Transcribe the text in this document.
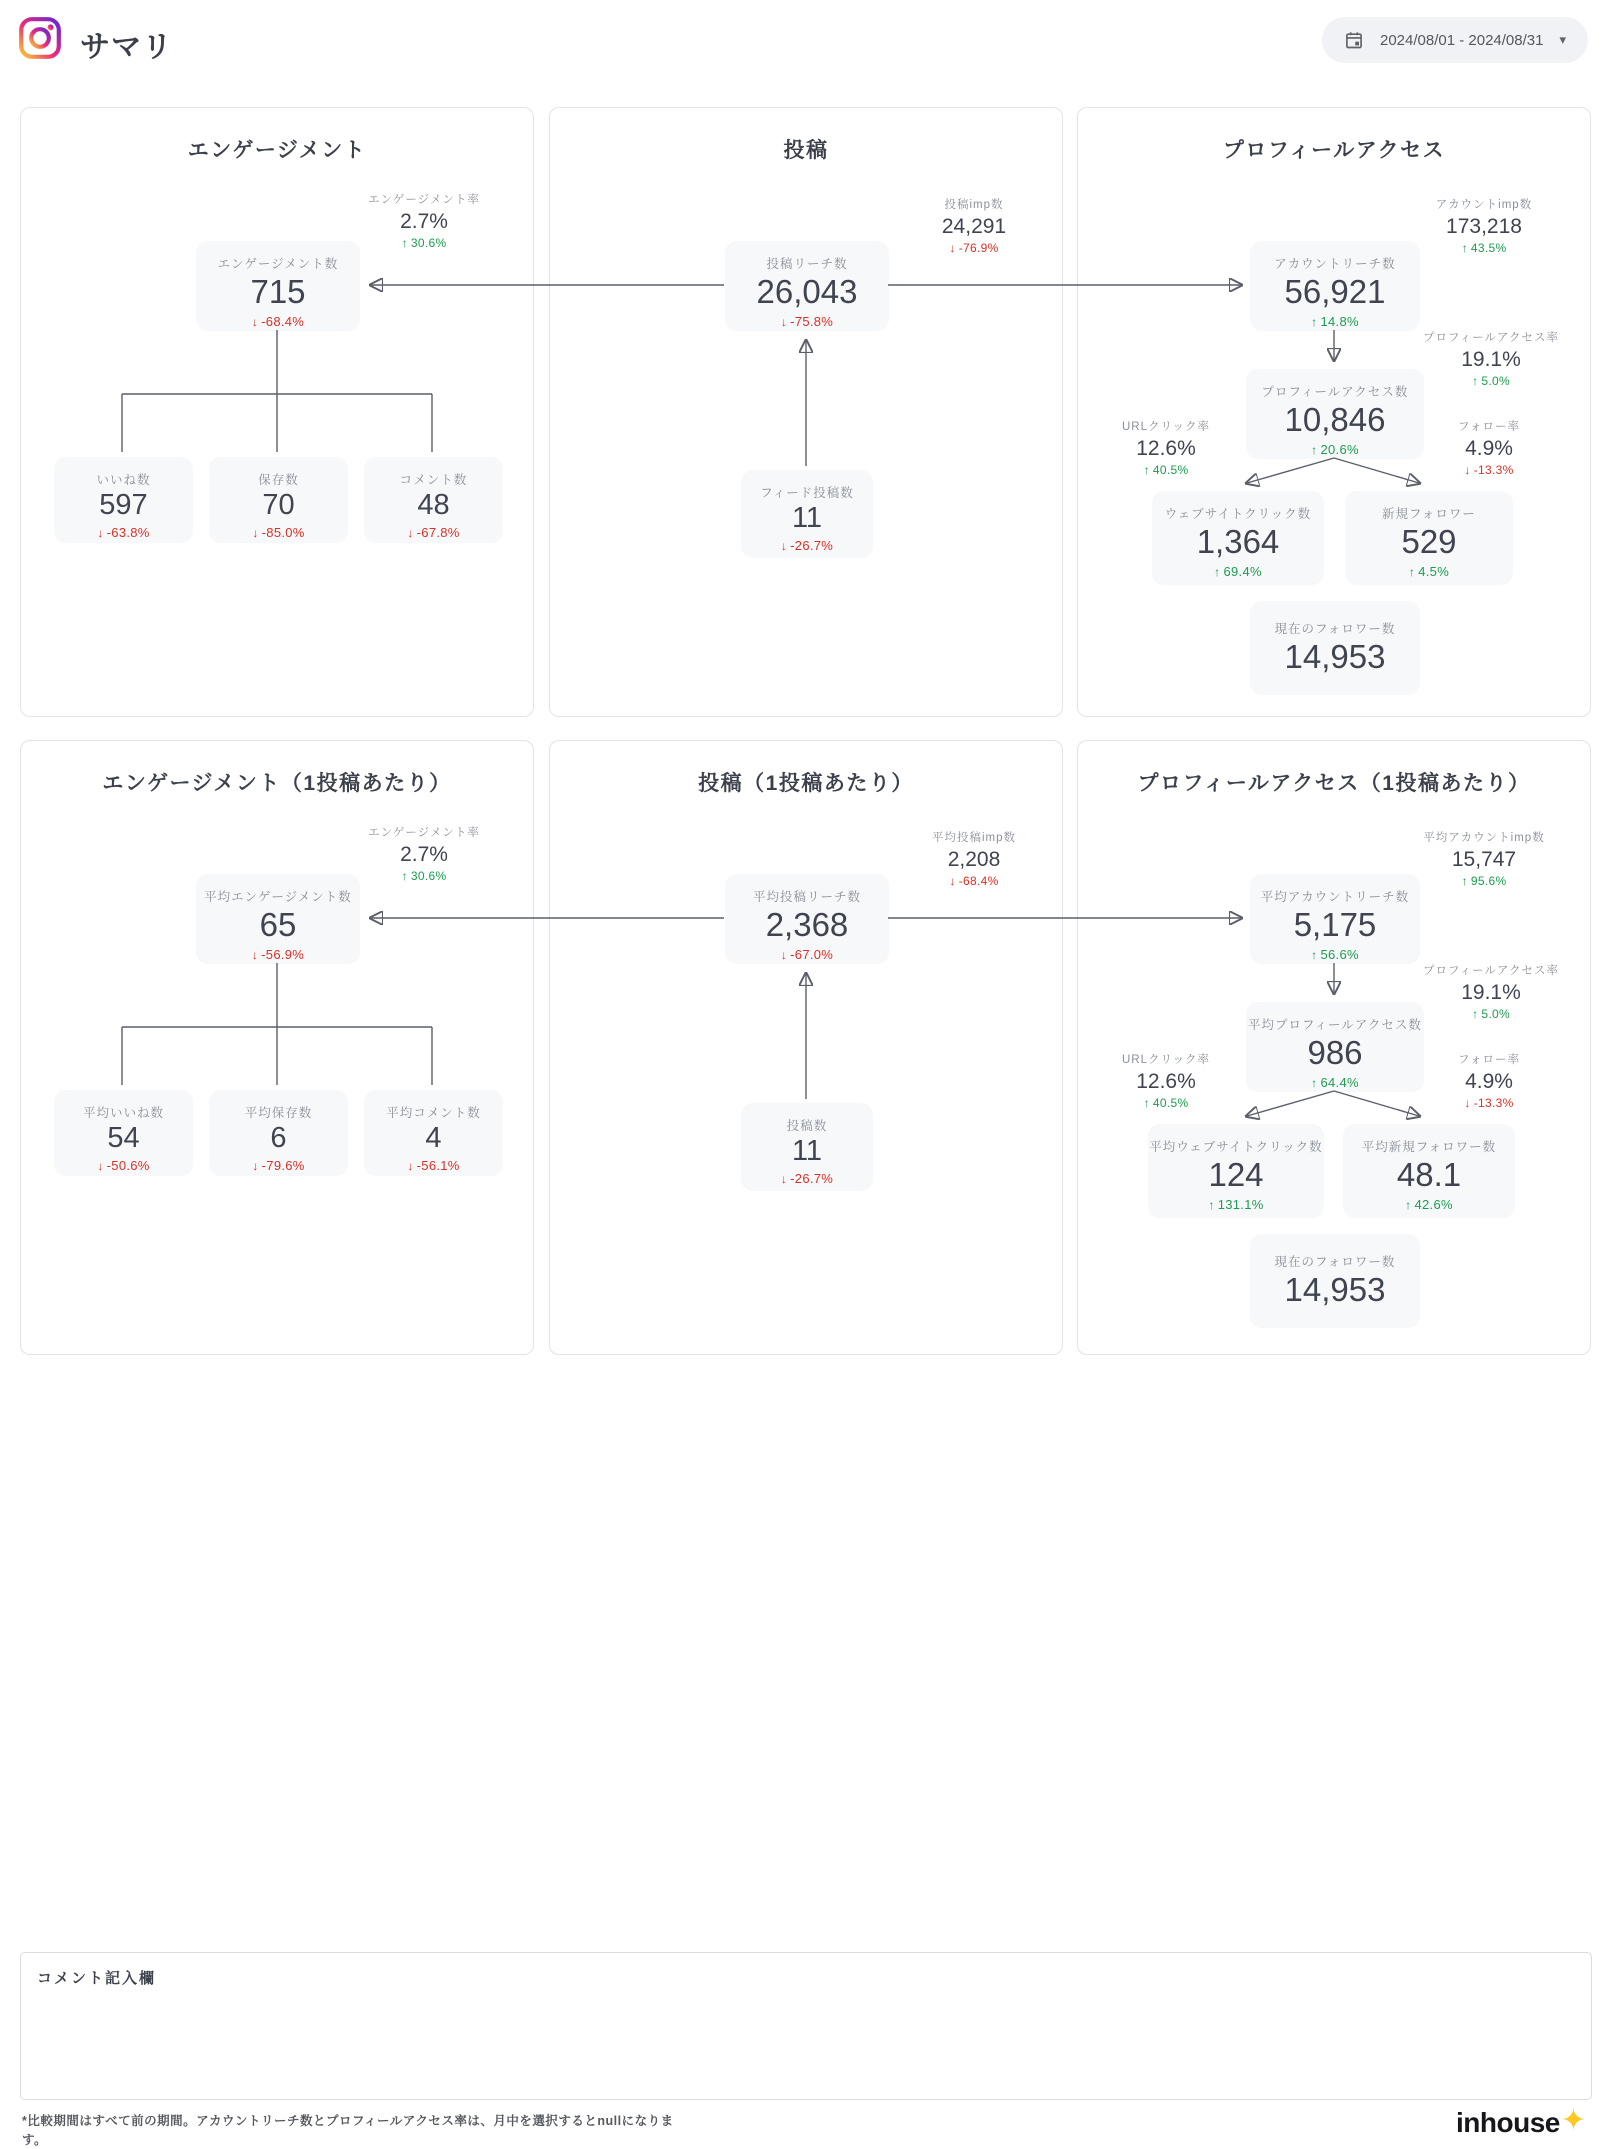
サマリ	2024/08/01 - 2024/08/31 ▾
エンゲージメント
エンゲージメント率
2.7%
↑ 30.6%
エンゲージメント数
715
↓ -68.4%
いいね数
597
↓ -63.8%
保存数
70
↓ -85.0%
コメント数
48
↓ -67.8%
投稿
投稿imp数
24,291
↓ -76.9%
投稿リーチ数
26,043
↓ -75.8%
フィード投稿数
11
↓ -26.7%
プロフィールアクセス
アカウントimp数
173,218
↑ 43.5%
アカウントリーチ数
56,921
↑ 14.8%
プロフィールアクセス率
19.1%
↑ 5.0%
プロフィールアクセス数
10,846
↑ 20.6%
URLクリック率
12.6%
↑ 40.5%
フォロー率
4.9%
↓ -13.3%
ウェブサイトクリック数
1,364
↑ 69.4%
新規フォロワー
529
↑ 4.5%
現在のフォロワー数
14,953
エンゲージメント（1投稿あたり）
エンゲージメント率
2.7%
↑ 30.6%
平均エンゲージメント数
65
↓ -56.9%
平均いいね数
54
↓ -50.6%
平均保存数
6
↓ -79.6%
平均コメント数
4
↓ -56.1%
投稿（1投稿あたり）
平均投稿imp数
2,208
↓ -68.4%
平均投稿リーチ数
2,368
↓ -67.0%
投稿数
11
↓ -26.7%
プロフィールアクセス（1投稿あたり）
平均アカウントimp数
15,747
↑ 95.6%
平均アカウントリーチ数
5,175
↑ 56.6%
プロフィールアクセス率
19.1%
↑ 5.0%
平均プロフィールアクセス数
986
↑ 64.4%
URLクリック率
12.6%
↑ 40.5%
フォロー率
4.9%
↓ -13.3%
平均ウェブサイトクリック数
124
↑ 131.1%
平均新規フォロワー数
48.1
↑ 42.6%
現在のフォロワー数
14,953
コメント記入欄
*比較期間はすべて前の期間。アカウントリーチ数とプロフィールアクセス率は、月中を選択するとnullになります。
inhouse ✦
